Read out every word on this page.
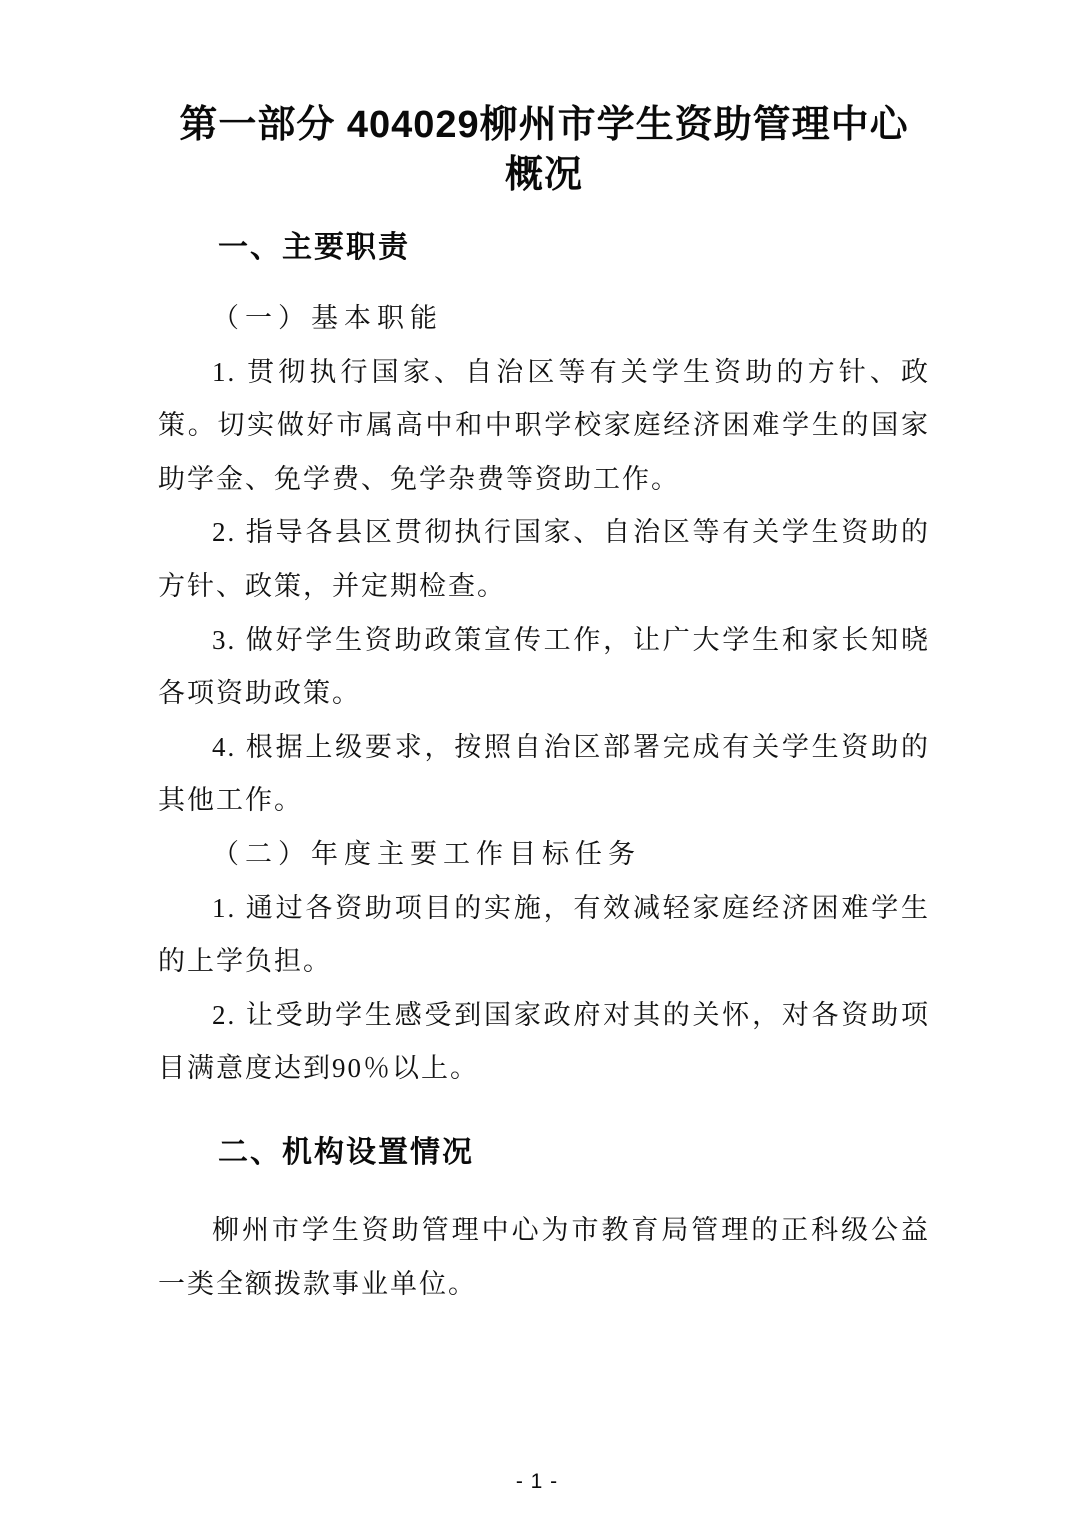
第一部分 404029柳州市学生资助管理中心
概况
一、主要职责

（一）基本职能

1. 贯彻执行国家、自治区等有关学生资助的方针、政策。切实做好市属高中和中职学校家庭经济困难学生的国家助学金、免学费、免学杂费等资助工作。

2. 指导各县区贯彻执行国家、自治区等有关学生资助的方针、政策，并定期检查。

3. 做好学生资助政策宣传工作，让广大学生和家长知晓各项资助政策。

4. 根据上级要求，按照自治区部署完成有关学生资助的其他工作。

（二）年度主要工作目标任务

1. 通过各资助项目的实施，有效减轻家庭经济困难学生的上学负担。

2. 让受助学生感受到国家政府对其的关怀，对各资助项目满意度达到90％以上。

二、机构设置情况

柳州市学生资助管理中心为市教育局管理的正科级公益一类全额拨款事业单位。

- 1 -
